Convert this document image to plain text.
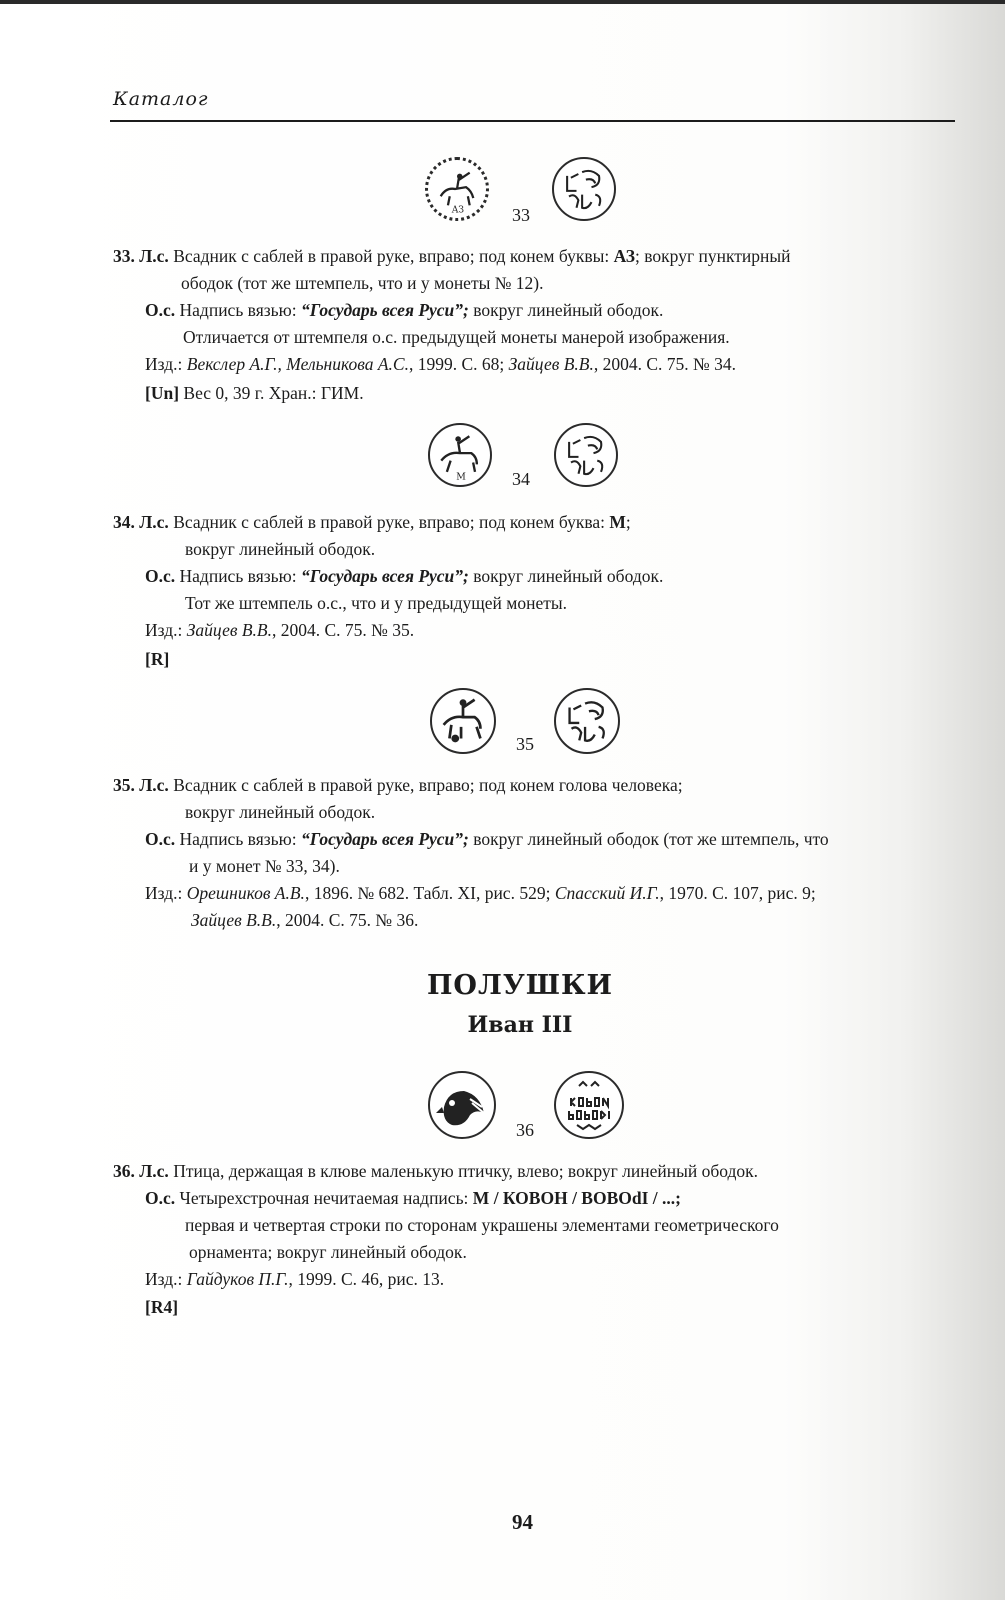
Каталог
АЗ	33
33. Л.с. Всадник с саблей в правой руке, вправо; под конем буквы: АЗ; вокруг пунктирный
ободок (тот же штемпель, что и у монеты № 12).
О.с. Надпись вязью: “Государь всея Руси”; вокруг линейный ободок.
Отличается от штемпеля о.с. предыдущей монеты манерой изображения.
Изд.: Векслер А.Г., Мельникова А.С., 1999. С. 68; Зайцев В.В., 2004. С. 75. № 34.
[Un] Вес 0, 39 г. Хран.: ГИМ.
М	34
34. Л.с. Всадник с саблей в правой руке, вправо; под конем буква: М;
вокруг линейный ободок.
О.с. Надпись вязью: “Государь всея Руси”; вокруг линейный ободок.
Тот же штемпель о.с., что и у предыдущей монеты.
Изд.: Зайцев В.В., 2004. С. 75. № 35.
[R]
35
35. Л.с. Всадник с саблей в правой руке, вправо; под конем голова человека;
вокруг линейный ободок.
О.с. Надпись вязью: “Государь всея Руси”; вокруг линейный ободок (тот же штемпель, что
и у монет № 33, 34).
Изд.: Орешников А.В., 1896. № 682. Табл. XI, рис. 529; Спасский И.Г., 1970. С. 107, рис. 9;
Зайцев В.В., 2004. С. 75. № 36.
ПОЛУШКИ
Иван III
36
36. Л.с. Птица, держащая в клюве маленькую птичку, влево; вокруг линейный ободок.
О.с. Четырехстрочная нечитаемая надпись: М / КОВОН / ВОВОdI / ...;
первая и четвертая строки по сторонам украшены элементами геометрического
орнамента; вокруг линейный ободок.
Изд.: Гайдуков П.Г., 1999. С. 46, рис. 13.
[R4]
94
